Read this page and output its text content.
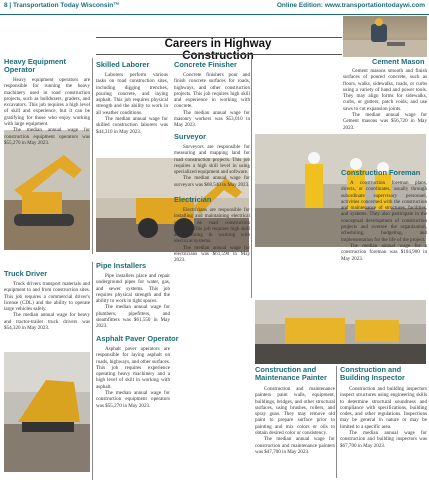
8 | Transportation Today Wisconsin™	Online Edition: www.transportationtodaywi.com
Careers in Highway Construction
Heavy Equipment Operator

Heavy equipment operators are responsible for running the heavy machinery used in road construction projects, such as bulldozers, graders, and excavators. This job requires a high level of skill and experience, but it can be gratifying for those who enjoy working with large equipment.

The median annual wage for construction equipment operators was $55,270 in May 2023.

Truck Driver

Truck drivers transport materials and equipment to and from construction sites. This job requires a commercial driver's license (CDL) and the ability to operate large vehicles safely.

The median annual wage for heavy and tractor-trailer truck drivers was $54,320 in May 2023.

Skilled Laborer

Laborers perform various tasks on road construction sites, including digging trenches, pouring concrete, and laying asphalt. This job requires physical strength and the ability to work in all weather conditions.

The median annual wage for skilled construction laborers was $44,310 in May 2023.

Pipe Installers

Pipe installers place and repair underground pipes for water, gas, and sewer systems. This job requires physical strength and the ability to work in tight spaces.

The median annual wage for plumbers, pipefitters, and steamfitters was $61,550 in May 2023.

Asphalt Paver Operator

Asphalt paver operators are responsible for laying asphalt on roads, highways, and other surfaces. This job requires experience operating heavy machinery and a high level of skill in working with asphalt.

The median annual wage for construction equipment operators was $55,270 in May 2023.

Concrete Finisher

Concrete finishers pour and finish concrete surfaces for roads, highways, and other construction projects. This job requires high skill and experience in working with concrete.

The median annual wage for masonry workers was $53,010 in May 2023.

Surveyor

Surveyors are responsible for measuring and mapping land for road construction projects. This job requires a high skill level in using specialized equipment and software.

The median annual wage for surveyors was $68,540 in May 2023.

Electrician

Electricians are responsible for installing and maintaining electrical systems on road construction projects. This job requires high skill and training in working with electrical systems.

The median annual wage for electricians was $61,590 in May 2023.

Construction and Maintenance Painter

Construction and maintenance painters paint walls, equipment, buildings, bridges, and other structural surfaces, using brushes, rollers, and spray guns. They may remove old paint to prepare surface prior to painting and mix colors or oils to obtain desired color or consistency.

The median annual wage for construction and maintenance painters was $47,700 in May 2023.

Cement Mason

Cement masons smooth and finish surfaces of poured concrete, such as floors, walks, sidewalks, roads, or curbs using a variety of hand and power tools. They may align forms for sidewalks, curbs, or gutters; patch voids; and use saws to cut expansion joints.

The median annual wage for Cement masons was $56,720 in May 2023.

Construction Foreman

A construction foreman plans, directs, or coordinates, usually through subordinate supervisory personnel, activities concerned with the construction and maintenance of structures, facilities, and systems. They also participate in the conceptual development of construction projects and oversee the organization, scheduling, budgeting, and implementation for the life of the project.

The median annual wage for a construction foreman was $104,900 in May 2023.

Construction and Building Inspector

Construction and building inspectors inspect structures using engineering skills to determine structural soundness and compliance with specifications, building codes, and other regulations. Inspections may be general in nature or may be limited to a specific area.

The median annual wage for construction and building inspectors was $67,700 in May 2023.
